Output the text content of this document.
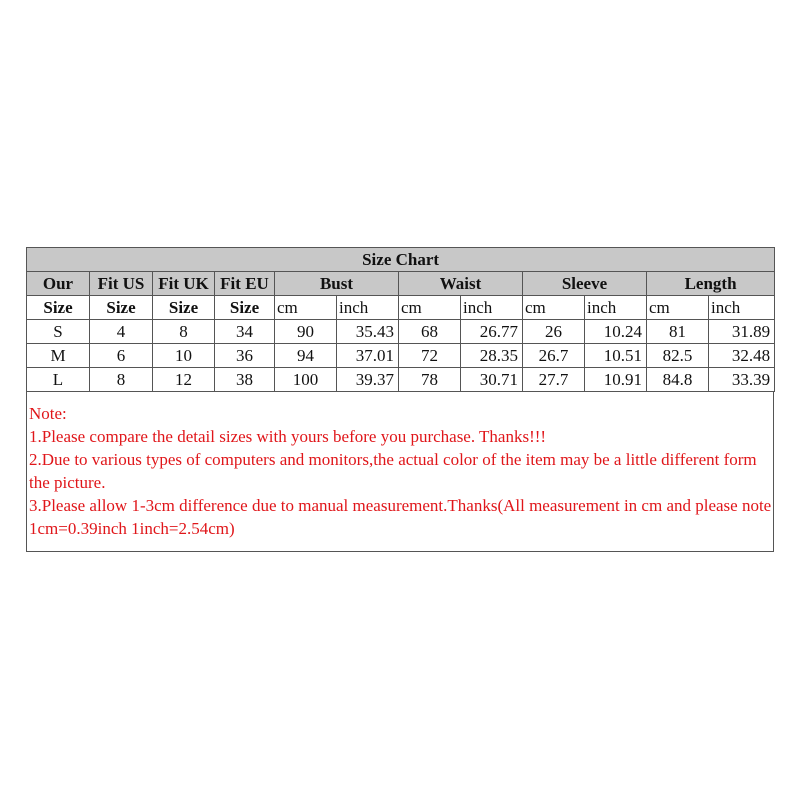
Size Chart											
Our	Fit US	Fit UK	Fit EU	Bust		Waist		Sleeve		Length	
Size	Size	Size	Size	cm	inch	cm	inch	cm	inch	cm	inch
S	4	8	34	90	35.43	68	26.77	26	10.24	81	31.89
M	6	10	36	94	37.01	72	28.35	26.7	10.51	82.5	32.48
L	8	12	38	100	39.37	78	30.71	27.7	10.91	84.8	33.39

Note:

1.Please compare the detail sizes with yours before you purchase. Thanks!!!

2.Due to various types of computers and monitors,the actual color of the item may be a little different form the picture.

3.Please allow 1-3cm difference due to manual measurement.Thanks(All measurement in cm and please note 1cm=0.39inch 1inch=2.54cm)
